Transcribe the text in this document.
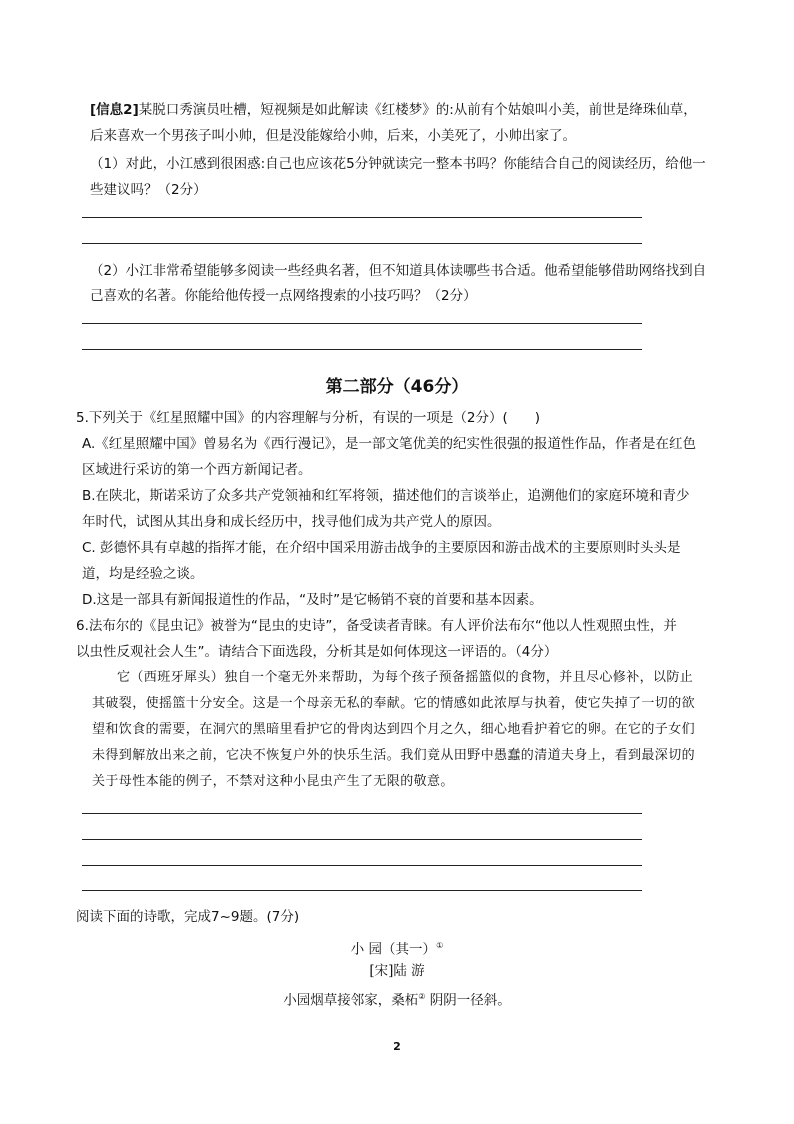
[信息2]某脱口秀演员吐槽，短视频是如此解读《红楼梦》的:从前有个姑娘叫小美，前世是绛珠仙草，
后来喜欢一个男孩子叫小帅，但是没能嫁给小帅，后来，小美死了，小帅出家了。
（1）对此，小江感到很困惑:自己也应该花5分钟就读完一整本书吗？你能结合自己的阅读经历，给他一
些建议吗？（2分）
（2）小江非常希望能够多阅读一些经典名著，但不知道具体读哪些书合适。他希望能够借助网络找到自
己喜欢的名著。你能给他传授一点网络搜索的小技巧吗？（2分）
第二部分（46分）
5.下列关于《红星照耀中国》的内容理解与分析，有误的一项是（2分）(　　)
A.《红星照耀中国》曾易名为《西行漫记》，是一部文笔优美的纪实性很强的报道性作品，作者是在红色
区域进行采访的第一个西方新闻记者。
B.在陕北，斯诺采访了众多共产党领袖和红军将领，描述他们的言谈举止，追溯他们的家庭环境和青少
年时代，试图从其出身和成长经历中，找寻他们成为共产党人的原因。
C. 彭德怀具有卓越的指挥才能，在介绍中国采用游击战争的主要原因和游击战术的主要原则时头头是
道，均是经验之谈。
D.这是一部具有新闻报道性的作品，“及时”是它畅销不衰的首要和基本因素。
6.法布尔的《昆虫记》被誉为“昆虫的史诗”，备受读者青睐。有人评价法布尔“他以人性观照虫性，并
以虫性反观社会人生”。请结合下面选段，分析其是如何体现这一评语的。（4分）
它（西班牙犀头）独自一个毫无外来帮助，为每个孩子预备摇篮似的食物，并且尽心修补，以防止
其破裂，使摇篮十分安全。这是一个母亲无私的奉献。它的情感如此浓厚与执着，使它失掉了一切的欲
望和饮食的需要，在洞穴的黑暗里看护它的骨肉达到四个月之久，细心地看护着它的卵。在它的子女们
未得到解放出来之前，它决不恢复户外的快乐生活。我们竟从田野中愚蠢的清道夫身上，看到最深切的
关于母性本能的例子，不禁对这种小昆虫产生了无限的敬意。
阅读下面的诗歌，完成7~9题。(7分)
小 园（其一）①
[宋]陆 游
小园烟草接邻家，桑柘② 阴阴一径斜。
2
